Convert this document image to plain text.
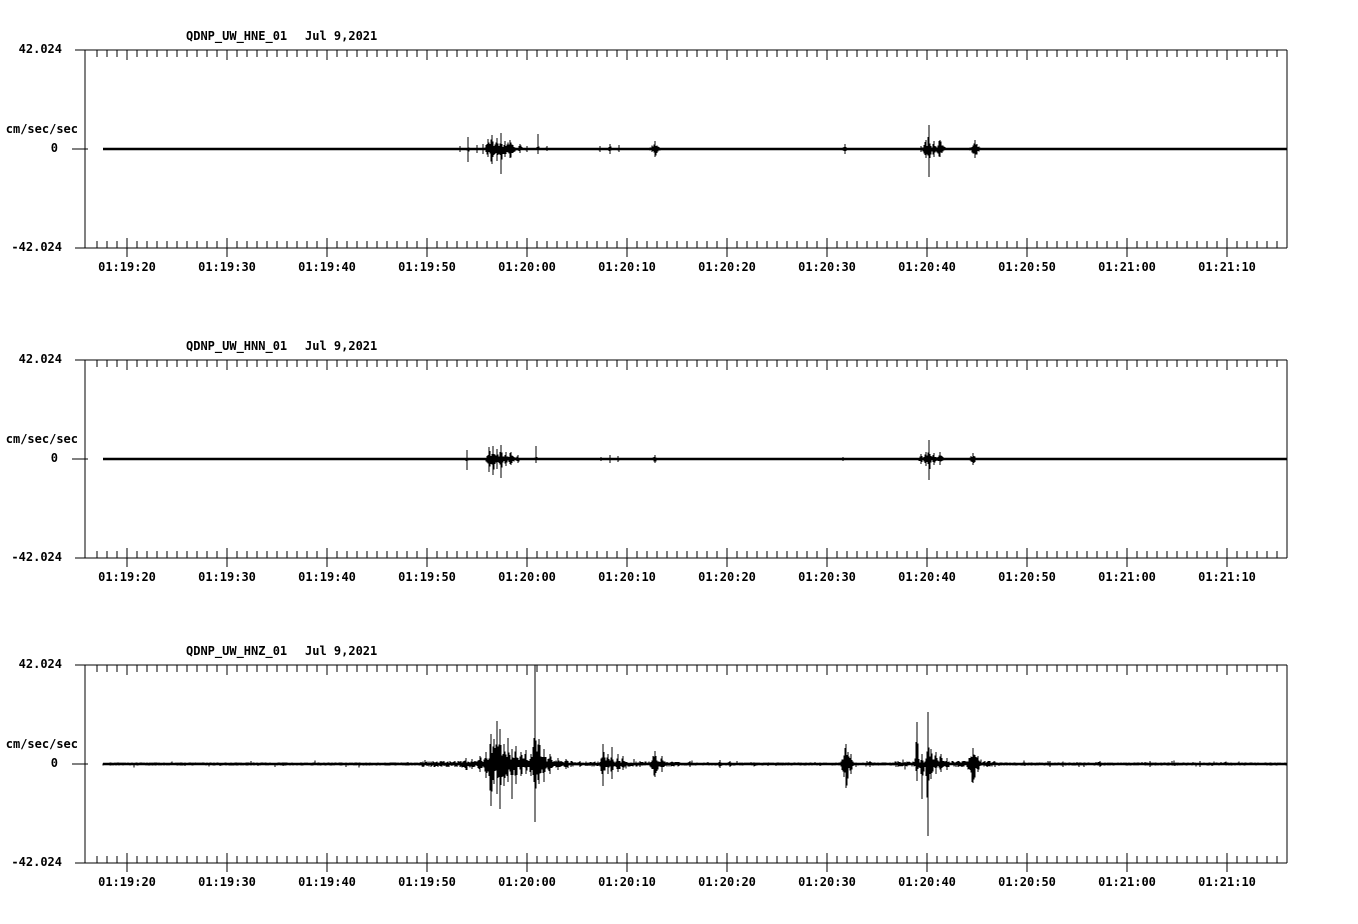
QDNP_UW_HNE_01 Jul 9,2021
42.024
cm/sec/sec
0
-42.024
01:19:20	01:19:30	01:19:40	01:19:50	01:20:00	01:20:10	01:20:20	01:20:30	01:20:40	01:20:50	01:21:00	01:21:10
QDNP_UW_HNN_01 Jul 9,2021
42.024
cm/sec/sec
0
-42.024
01:19:20	01:19:30	01:19:40	01:19:50	01:20:00	01:20:10	01:20:20	01:20:30	01:20:40	01:20:50	01:21:00	01:21:10
QDNP_UW_HNZ_01 Jul 9,2021
42.024
cm/sec/sec
0
-42.024
01:19:20	01:19:30	01:19:40	01:19:50	01:20:00	01:20:10	01:20:20	01:20:30	01:20:40	01:20:50	01:21:00	01:21:10
